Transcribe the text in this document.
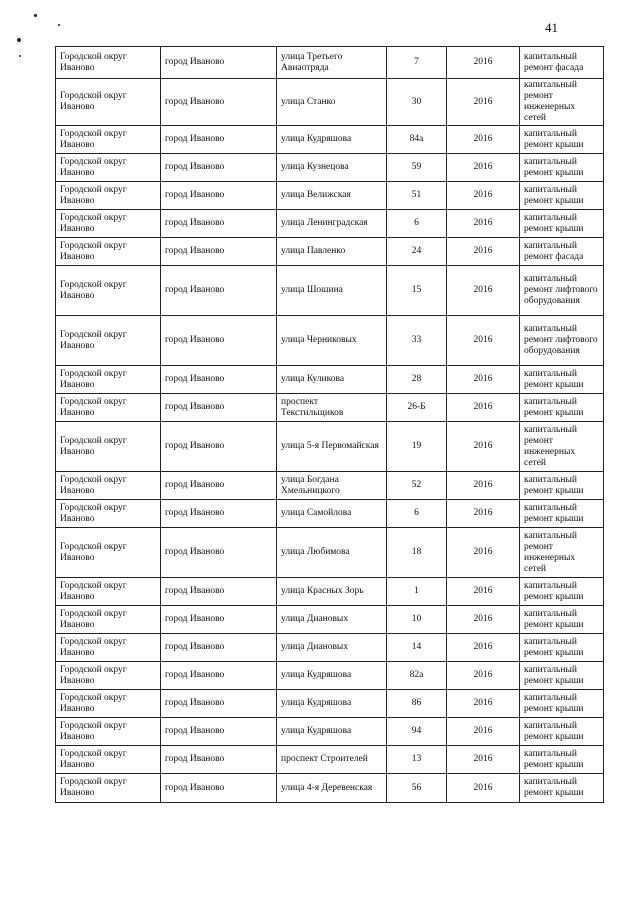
41
Городской округ Иваново	город Иваново	улица Третьего Авиаотряда	7	2016	капитальный ремонт фасада
Городской округ Иваново	город Иваново	улица Станко	30	2016	капитальный ремонт инженерных сетей
Городской округ Иваново	город Иваново	улица Кудряшова	84а	2016	капитальный ремонт крыши
Городской округ Иваново	город Иваново	улица Кузнецова	59	2016	капитальный ремонт крыши
Городской округ Иваново	город Иваново	улица Велижская	51	2016	капитальный ремонт крыши
Городской округ Иваново	город Иваново	улица Ленинградская	6	2016	капитальный ремонт крыши
Городской округ Иваново	город Иваново	улица Павленко	24	2016	капитальный ремонт фасада
Городской округ Иваново	город Иваново	улица Шошина	15	2016	капитальный ремонт лифтового оборудования
Городской округ Иваново	город Иваново	улица Черниковых	33	2016	капитальный ремонт лифтового оборудования
Городской округ Иваново	город Иваново	улица Куликова	28	2016	капитальный ремонт крыши
Городской округ Иваново	город Иваново	проспект Текстильщиков	26-Б	2016	капитальный ремонт крыши
Городской округ Иваново	город Иваново	улица 5-я Первомайская	19	2016	капитальный ремонт инженерных сетей
Городской округ Иваново	город Иваново	улица Богдана Хмельницкого	52	2016	капитальный ремонт крыши
Городской округ Иваново	город Иваново	улица Самойлова	6	2016	капитальный ремонт крыши
Городской округ Иваново	город Иваново	улица Любимова	18	2016	капитальный ремонт инженерных сетей
Городской округ Иваново	город Иваново	улица Красных Зорь	1	2016	капитальный ремонт крыши
Городской округ Иваново	город Иваново	улица Диановых	10	2016	капитальный ремонт крыши
Городской округ Иваново	город Иваново	улица Диановых	14	2016	капитальный ремонт крыши
Городской округ Иваново	город Иваново	улица Кудряшова	82а	2016	капитальный ремонт крыши
Городской округ Иваново	город Иваново	улица Кудряшова	86	2016	капитальный ремонт крыши
Городской округ Иваново	город Иваново	улица Кудряшова	94	2016	капитальный ремонт крыши
Городской округ Иваново	город Иваново	проспект Строителей	13	2016	капитальный ремонт крыши
Городской округ Иваново	город Иваново	улица 4-я Деревенская	56	2016	капитальный ремонт крыши
